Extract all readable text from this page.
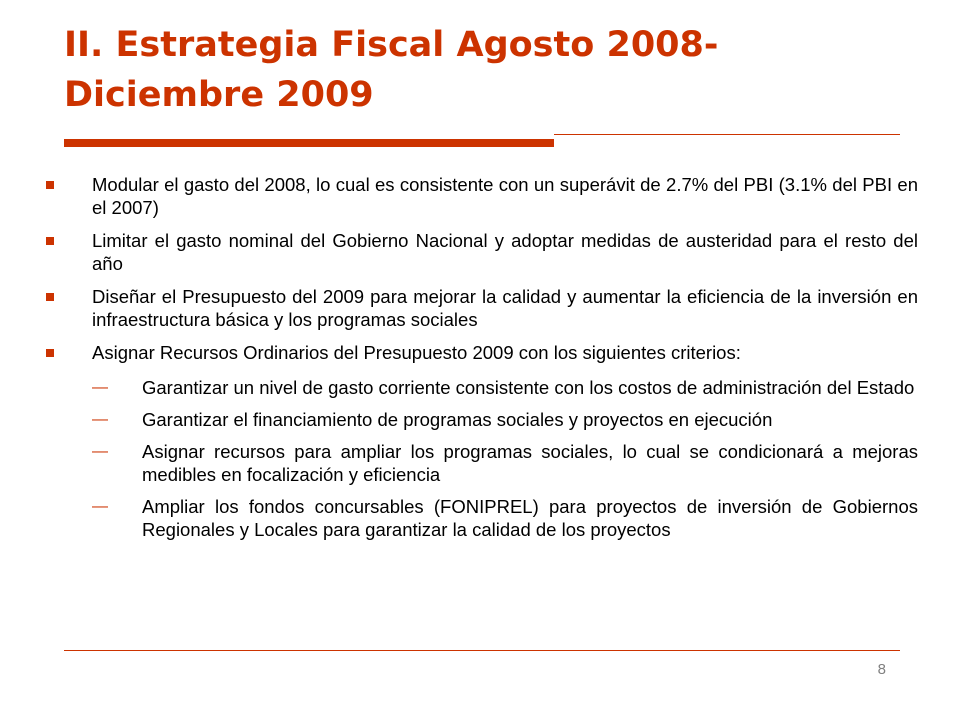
II. Estrategia Fiscal Agosto 2008- Diciembre 2009
Modular el gasto del 2008, lo cual es consistente con un superávit de 2.7% del PBI (3.1% del PBI en el 2007)
Limitar el gasto nominal del Gobierno Nacional y adoptar medidas de austeridad para el resto del año
Diseñar el Presupuesto del 2009 para mejorar la calidad y aumentar la eficiencia de la inversión en infraestructura básica y los programas sociales
Asignar Recursos Ordinarios del Presupuesto 2009 con los siguientes criterios:
— Garantizar un nivel de gasto corriente consistente con los costos de administración del Estado
— Garantizar el financiamiento de programas sociales y proyectos en ejecución
— Asignar recursos para ampliar los programas sociales, lo cual se condicionará a mejoras medibles en focalización y eficiencia
— Ampliar los fondos concursables (FONIPREL) para proyectos de inversión de Gobiernos Regionales y Locales para garantizar la calidad de los proyectos
8
